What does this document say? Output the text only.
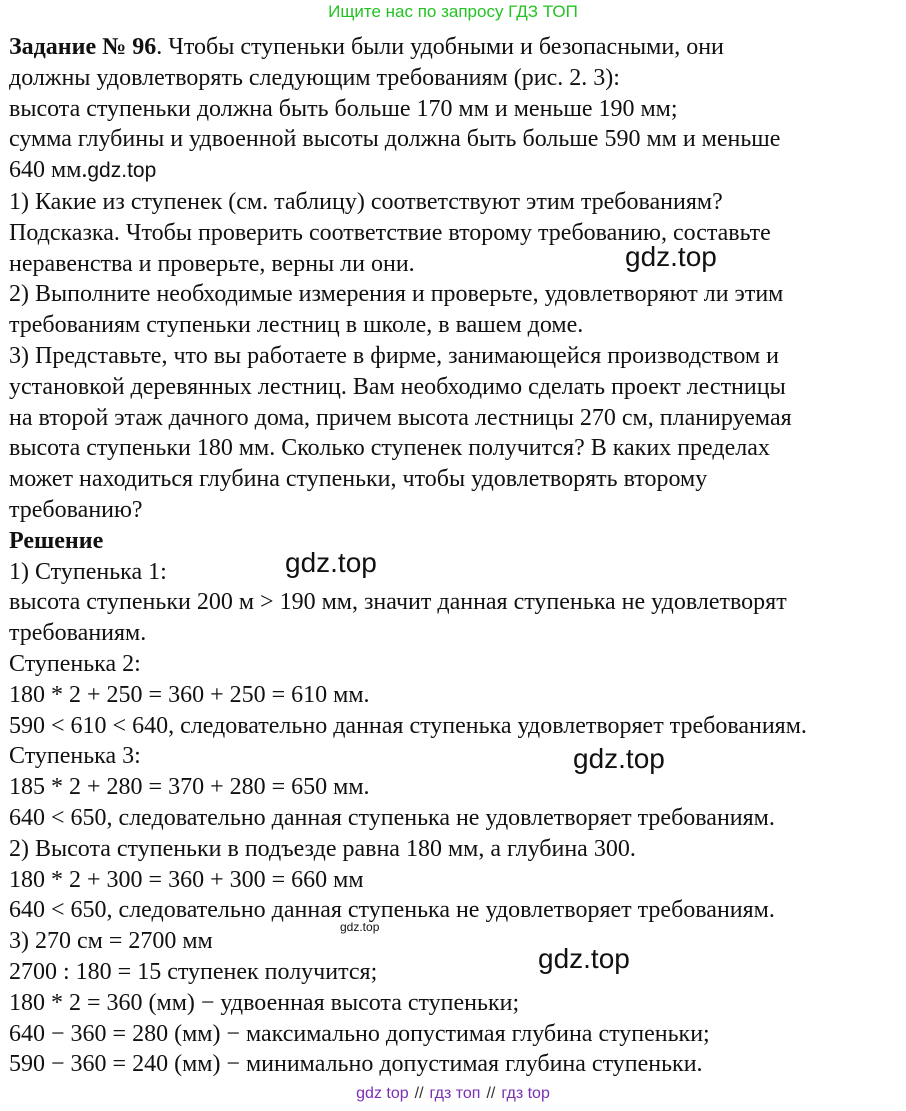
Ищите нас по запросу ГДЗ ТОП
Задание № 96. Чтобы ступеньки были удобными и безопасными, они
должны удовлетворять следующим требованиям (рис. 2. 3):
высота ступеньки должна быть больше 170 мм и меньше 190 мм;
сумма глубины и удвоенной высоты должна быть больше 590 мм и меньше
640 мм.gdz.top
1) Какие из ступенек (см. таблицу) соответствуют этим требованиям?
Подсказка. Чтобы проверить соответствие второму требованию, составьте
неравенства и проверьте, верны ли они.
2) Выполните необходимые измерения и проверьте, удовлетворяют ли этим
требованиям ступеньки лестниц в школе, в вашем доме.
3) Представьте, что вы работаете в фирме, занимающейся производством и
установкой деревянных лестниц. Вам необходимо сделать проект лестницы
на второй этаж дачного дома, причем высота лестницы 270 см, планируемая
высота ступеньки 180 мм. Сколько ступенек получится? В каких пределах
может находиться глубина ступеньки, чтобы удовлетворять второму
требованию?
Решение
1) Ступенька 1:
высота ступеньки 200 м > 190 мм, значит данная ступенька не удовлетворят
требованиям.
Ступенька 2:
180 * 2 + 250 = 360 + 250 = 610 мм.
590 < 610 < 640, следовательно данная ступенька удовлетворяет требованиям.
Ступенька 3:
185 * 2 + 280 = 370 + 280 = 650 мм.
640 < 650, следовательно данная ступенька не удовлетворяет требованиям.
2) Высота ступеньки в подъезде равна 180 мм, а глубина 300.
180 * 2 + 300 = 360 + 300 = 660 мм
640 < 650, следовательно данная ступенька не удовлетворяет требованиям.
3) 270 см = 2700 мм
2700 : 180 = 15 ступенек получится;
180 * 2 = 360 (мм) − удвоенная высота ступеньки;
640 − 360 = 280 (мм) − максимально допустимая глубина ступеньки;
590 − 360 = 240 (мм) − минимально допустимая глубина ступеньки.
gdz.top
gdz.top
gdz.top
gdz.top
gdz.top
gdz top // гдз топ // гдз top
